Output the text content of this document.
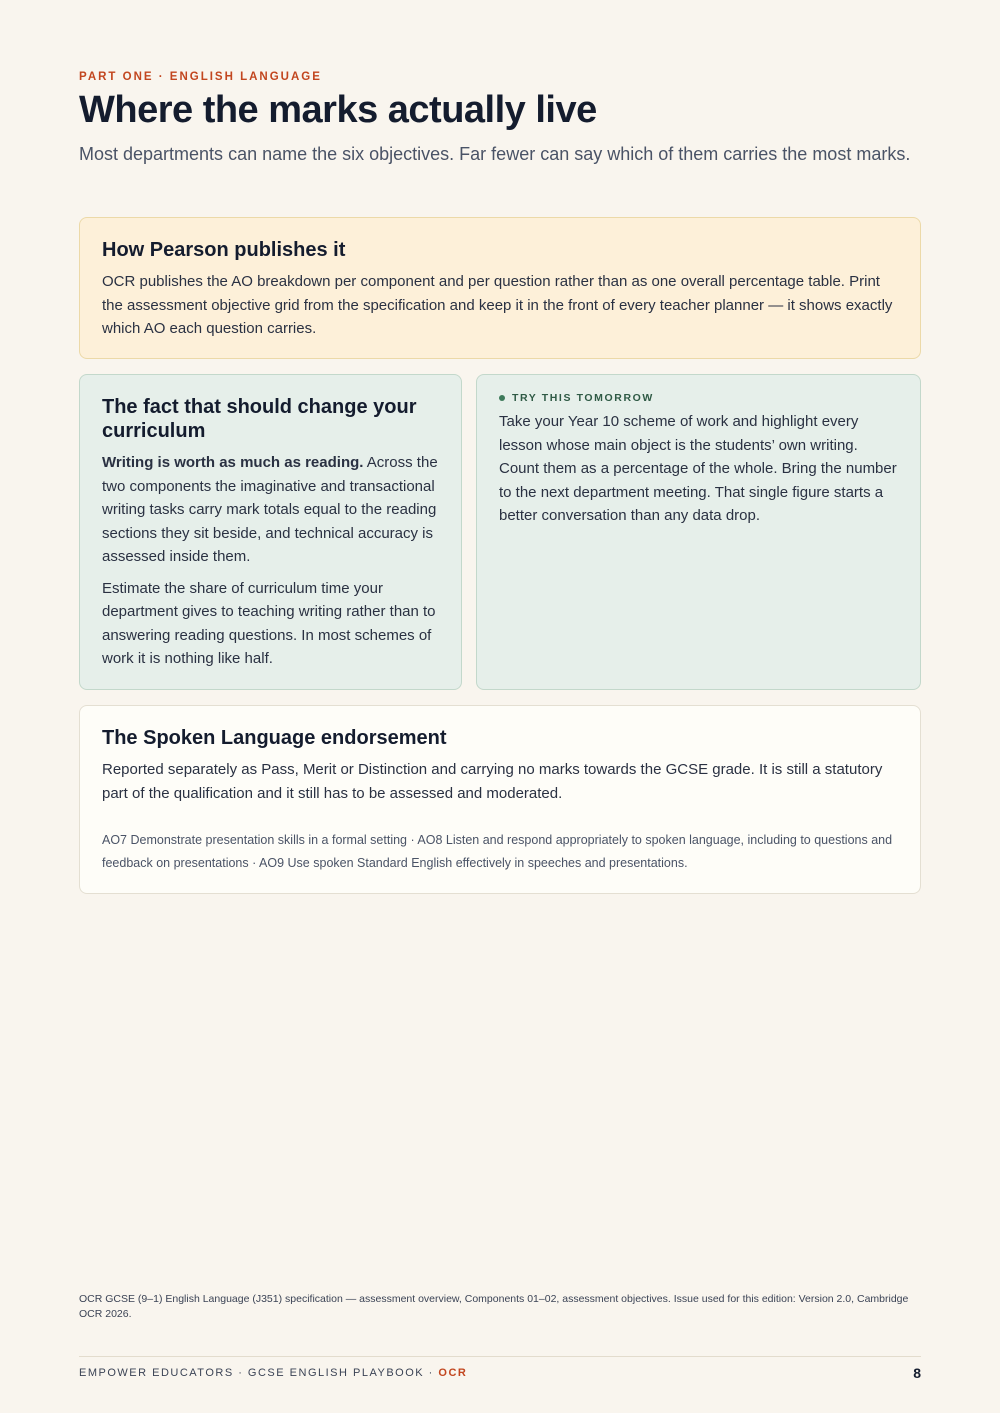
PART ONE · ENGLISH LANGUAGE
Where the marks actually live

Most departments can name the six objectives. Far fewer can say which of them carries the most marks.

How Pearson publishes it

OCR publishes the AO breakdown per component and per question rather than as one overall percentage table. Print the assessment objective grid from the specification and keep it in the front of every teacher planner — it shows exactly which AO each question carries.

The fact that should change your curriculum

Writing is worth as much as reading. Across the two components the imaginative and transactional writing tasks carry mark totals equal to the reading sections they sit beside, and technical accuracy is assessed inside them.

Estimate the share of curriculum time your department gives to teaching writing rather than to answering reading questions. In most schemes of work it is nothing like half.

TRY THIS TOMORROW

Take your Year 10 scheme of work and highlight every lesson whose main object is the students’ own writing. Count them as a percentage of the whole. Bring the number to the next department meeting. That single figure starts a better conversation than any data drop.

The Spoken Language endorsement

Reported separately as Pass, Merit or Distinction and carrying no marks towards the GCSE grade. It is still a statutory part of the qualification and it still has to be assessed and moderated.

AO7 Demonstrate presentation skills in a formal setting · AO8 Listen and respond appropriately to spoken language, including to questions and feedback on presentations · AO9 Use spoken Standard English effectively in speeches and presentations.

OCR GCSE (9–1) English Language (J351) specification — assessment overview, Components 01–02, assessment objectives. Issue used for this edition: Version 2.0, Cambridge OCR 2026.

EMPOWER EDUCATORS · GCSE ENGLISH PLAYBOOK · OCR	8
